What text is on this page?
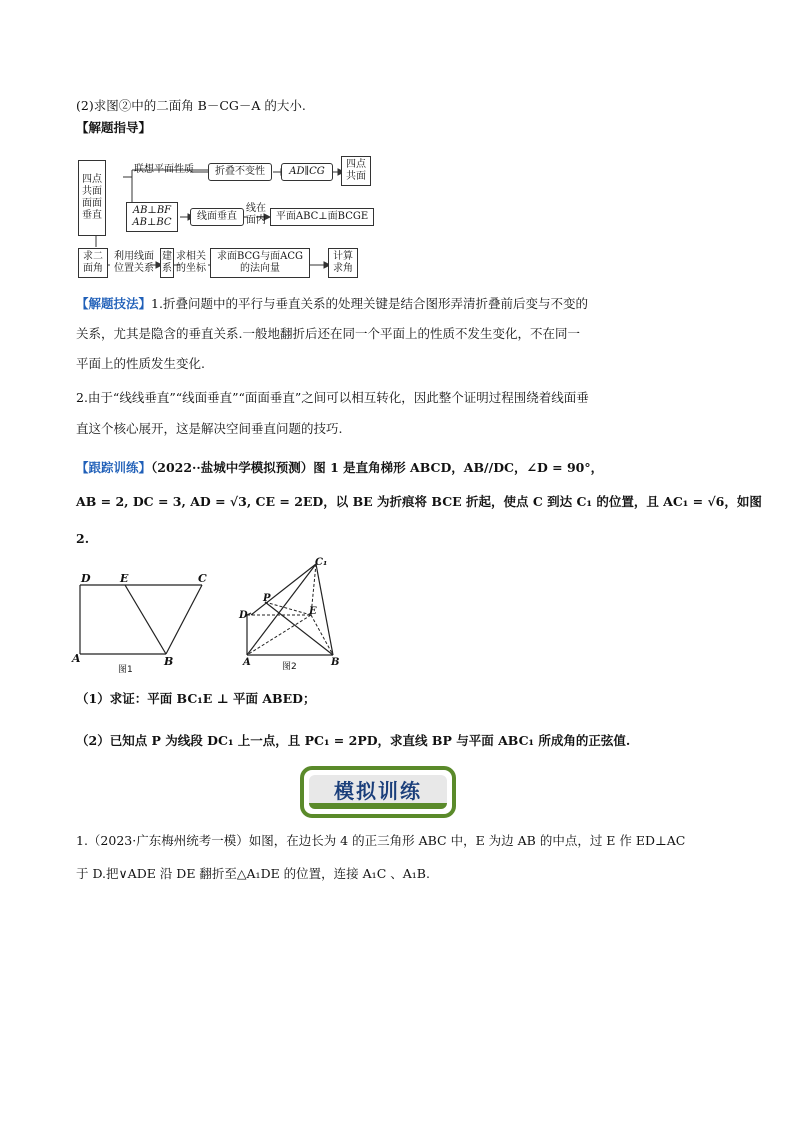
(2)求图②中的二面角 B－CG－A 的大小.
【解题指导】
四点
共面
面面
垂直
联想平面性质	折叠不变性	AD∥CG
四点
共面
AB⊥BF
AB⊥BC
线面垂直
线在
面内 平面ABC⊥面BCGE
求二
面角
利用线面
位置关系
建
系
求相关
的坐标
求面BCG与面ACG
的法向量
计算
求角
【解题技法】1.折叠问题中的平行与垂直关系的处理关键是结合图形弄清折叠前后变与不变的
关系，尤其是隐含的垂直关系.一般地翻折后还在同一个平面上的性质不发生变化，不在同一
平面上的性质发生变化.
2.由于“线线垂直”“线面垂直”“面面垂直”之间可以相互转化，因此整个证明过程围绕着线面垂
直这个核心展开，这是解决空间垂直问题的技巧.
【跟踪训练】（2022··盐城中学模拟预测）图 1 是直角梯形 ABCD，AB//DC，∠D = 90°，
AB = 2, DC = 3, AD = √3, CE = 2ED，以 BE 为折痕将 BCE 折起，使点 C 到达 C₁ 的位置，且 AC₁ = √6，如图
2.
D	E	C
A	B
图1
C₁
P
D	E
A	B
图2
（1）求证：平面 BC₁E ⊥ 平面 ABED；
（2）已知点 P 为线段 DC₁ 上一点，且 PC₁ = 2PD，求直线 BP 与平面 ABC₁ 所成角的正弦值.
模拟训练
1.（2023·广东梅州统考一模）如图，在边长为 4 的正三角形 ABC 中，E 为边 AB 的中点，过 E 作 ED⊥AC
于 D.把∨ADE 沿 DE 翻折至△A₁DE 的位置，连接 A₁C 、A₁B.
